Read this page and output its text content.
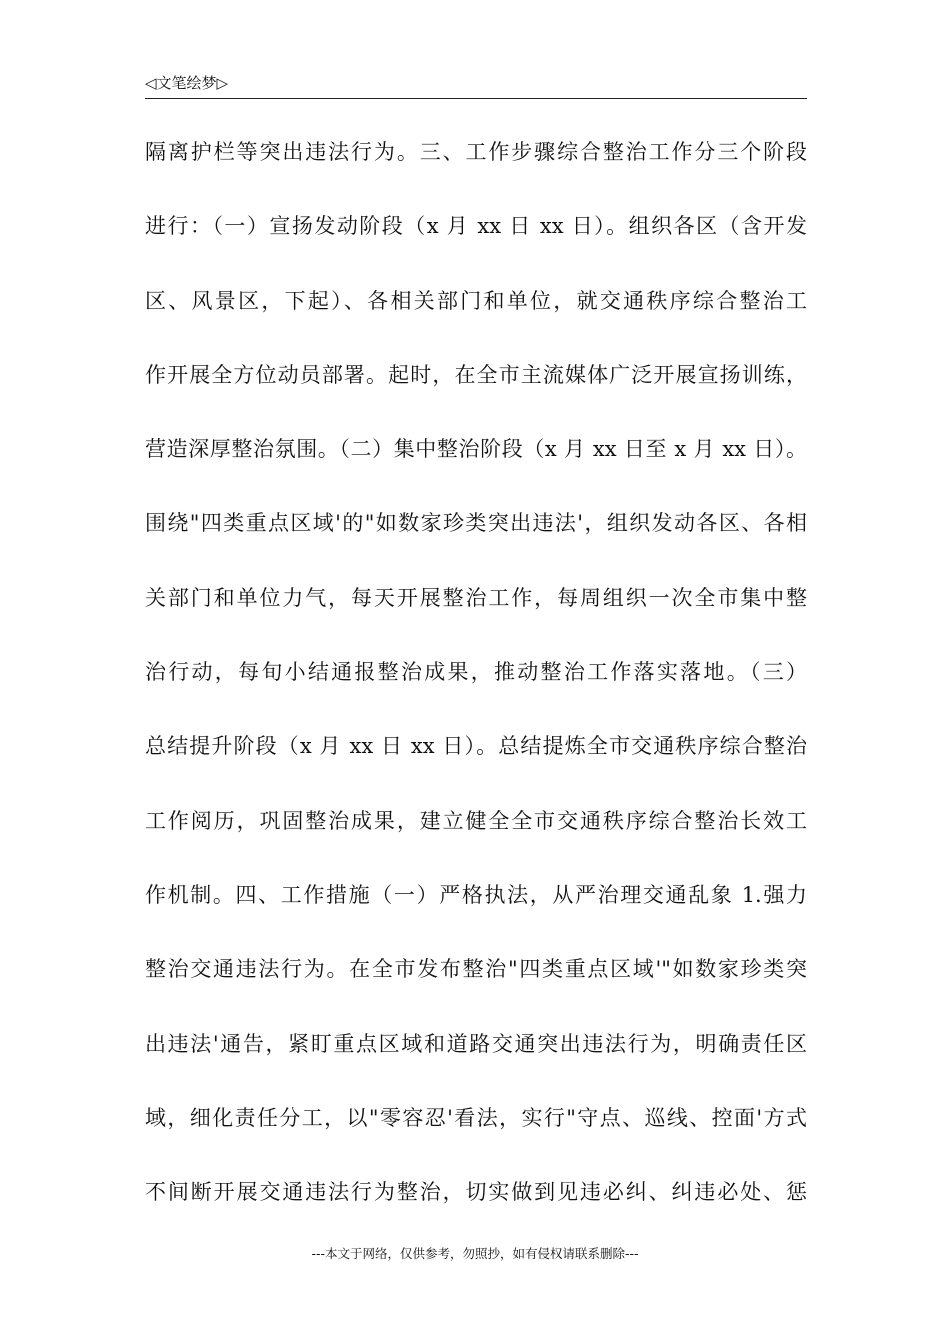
◁文笔绘梦▷
隔离护栏等突出违法行为。三、工作步骤综合整治工作分三个阶段
进行：（一）宣扬发动阶段（x 月 xx 日 xx 日）。组织各区（含开发
区、风景区，下起）、各相关部门和单位，就交通秩序综合整治工
作开展全方位动员部署。起时，在全市主流媒体广泛开展宣扬训练，
营造深厚整治氛围。（二）集中整治阶段（x 月 xx 日至 x 月 xx 日）。
围绕"四类重点区域'的"如数家珍类突出违法'，组织发动各区、各相
关部门和单位力气，每天开展整治工作，每周组织一次全市集中整
治行动，每旬小结通报整治成果，推动整治工作落实落地。（三）
总结提升阶段（x 月 xx 日 xx 日）。总结提炼全市交通秩序综合整治
工作阅历，巩固整治成果，建立健全全市交通秩序综合整治长效工
作机制。四、工作措施（一）严格执法，从严治理交通乱象 1.强力
整治交通违法行为。在全市发布整治"四类重点区域'"如数家珍类突
出违法'通告，紧盯重点区域和道路交通突出违法行为，明确责任区
域，细化责任分工，以"零容忍'看法，实行"守点、巡线、控面'方式
不间断开展交通违法行为整治，切实做到见违必纠、纠违必处、惩
---本文于网络，仅供参考，勿照抄，如有侵权请联系删除---
